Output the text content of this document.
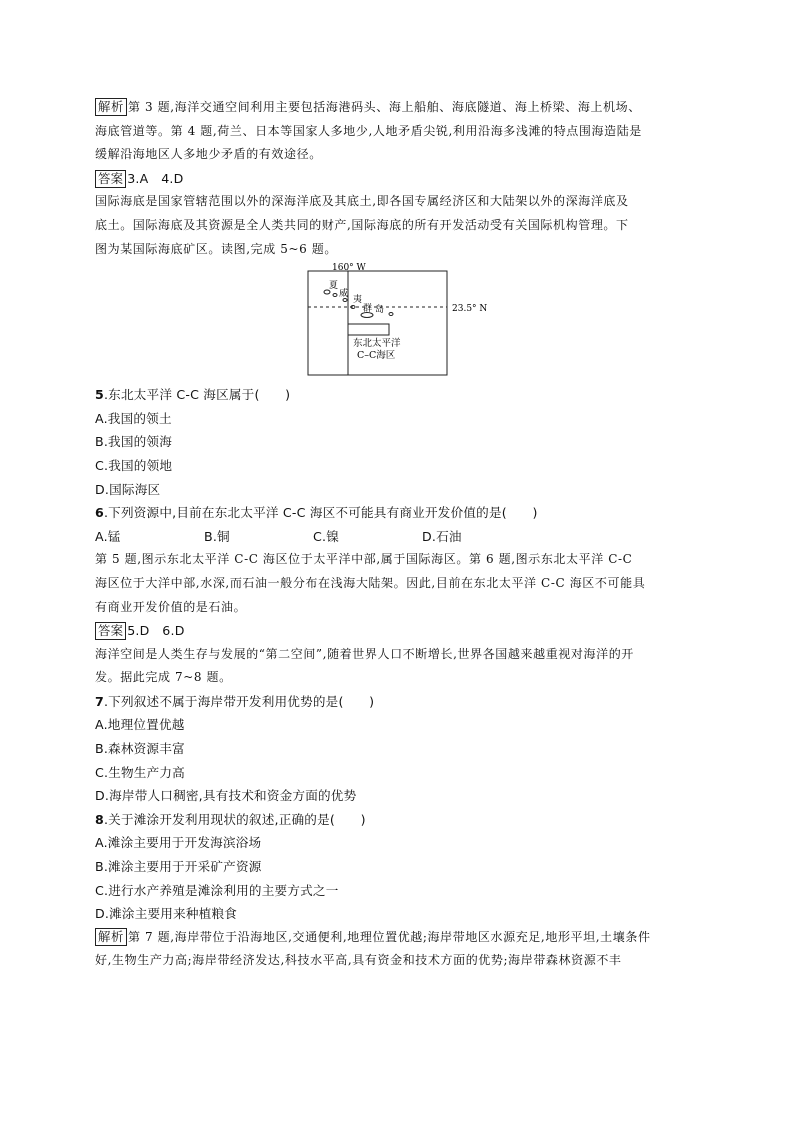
解析 第 3 题,海洋交通空间利用主要包括海港码头、海上船舶、海底隧道、海上桥梁、海上机场、
海底管道等。第 4 题,荷兰、日本等国家人多地少,人地矛盾尖锐,利用沿海多浅滩的特点围海造陆是
缓解沿海地区人多地少矛盾的有效途径。
答案 3.A　4.D
国际海底是国家管辖范围以外的深海洋底及其底土,即各国专属经济区和大陆架以外的深海洋底及
底土。国际海底及其资源是全人类共同的财产,国际海底的所有开发活动受有关国际机构管理。下
图为某国际海底矿区。读图,完成 5~6 题。
160° W
23.5° N
夏
威
夷
群 岛
东北太平洋
C–C海区
5.东北太平洋 C-C 海区属于(　　)
A.我国的领土
B.我国的领海
C.我国的领地
D.国际海区
6.下列资源中,目前在东北太平洋 C-C 海区不可能具有商业开发价值的是(　　)
A.锰	B.铜	C.镍	D.石油
第 5 题,图示东北太平洋 C-C 海区位于太平洋中部,属于国际海区。第 6 题,图示东北太平洋 C-C
海区位于大洋中部,水深,而石油一般分布在浅海大陆架。因此,目前在东北太平洋 C-C 海区不可能具
有商业开发价值的是石油。
答案 5.D　6.D
海洋空间是人类生存与发展的“第二空间”,随着世界人口不断增长,世界各国越来越重视对海洋的开
发。据此完成 7~8 题。
7.下列叙述不属于海岸带开发利用优势的是(　　)
A.地理位置优越
B.森林资源丰富
C.生物生产力高
D.海岸带人口稠密,具有技术和资金方面的优势
8.关于滩涂开发利用现状的叙述,正确的是(　　)
A.滩涂主要用于开发海滨浴场
B.滩涂主要用于开采矿产资源
C.进行水产养殖是滩涂利用的主要方式之一
D.滩涂主要用来种植粮食
解析 第 7 题,海岸带位于沿海地区,交通便利,地理位置优越;海岸带地区水源充足,地形平坦,土壤条件
好,生物生产力高;海岸带经济发达,科技水平高,具有资金和技术方面的优势;海岸带森林资源不丰
